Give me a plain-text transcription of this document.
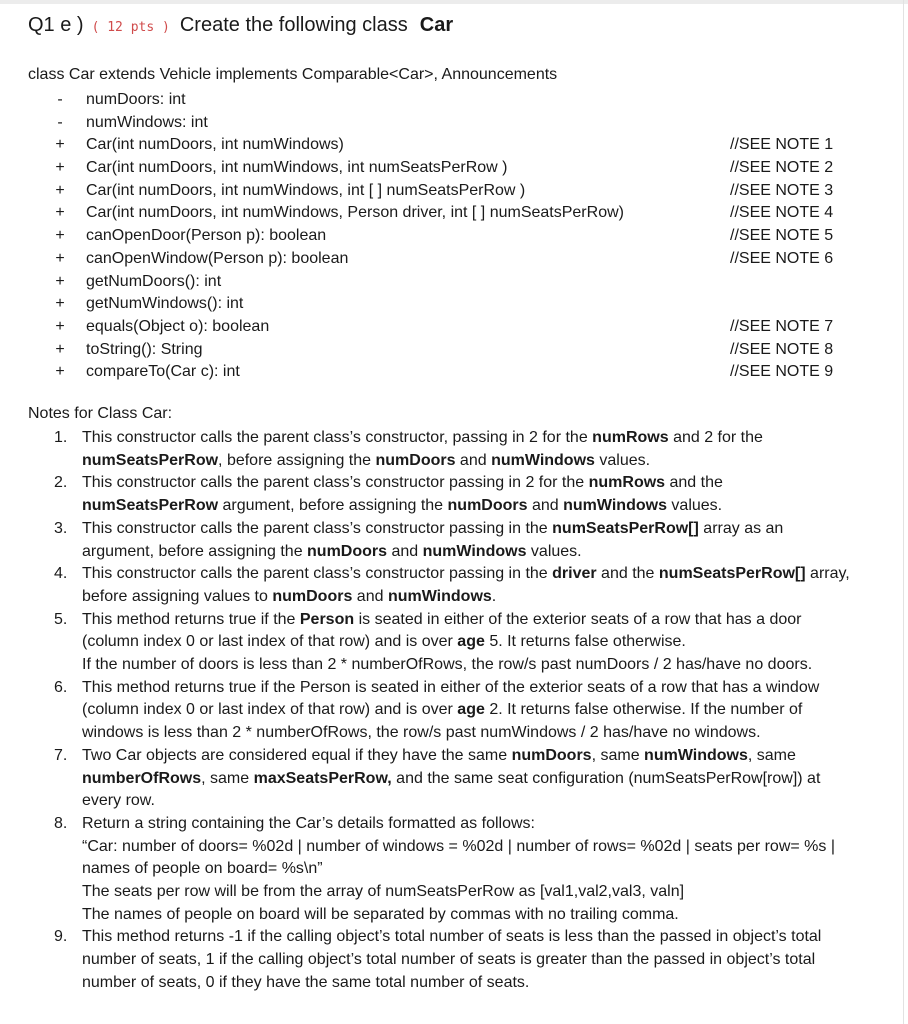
Q1 e ) ( 12 pts ) Create the following class Car
class Car extends Vehicle implements Comparable<Car>, Announcements
- numDoors: int
- numWindows: int
+ Car(int numDoors, int numWindows)	//SEE NOTE 1
+ Car(int numDoors, int numWindows, int numSeatsPerRow )	//SEE NOTE 2
+ Car(int numDoors, int numWindows, int [ ] numSeatsPerRow )	//SEE NOTE 3
+ Car(int numDoors, int numWindows, Person driver, int [ ] numSeatsPerRow)	//SEE NOTE 4
+ canOpenDoor(Person p): boolean	//SEE NOTE 5
+ canOpenWindow(Person p): boolean	//SEE NOTE 6
+ getNumDoors(): int
+ getNumWindows(): int
+ equals(Object o): boolean	//SEE NOTE 7
+ toString(): String	//SEE NOTE 8
+ compareTo(Car c): int	//SEE NOTE 9
Notes for Class Car:
1. This constructor calls the parent class’s constructor, passing in 2 for the numRows and 2 for the numSeatsPerRow, before assigning the numDoors and numWindows values.

2. This constructor calls the parent class’s constructor passing in 2 for the numRows and the numSeatsPerRow argument, before assigning the numDoors and numWindows values.

3. This constructor calls the parent class’s constructor passing in the numSeatsPerRow[] array as an argument, before assigning the numDoors and numWindows values.

4. This constructor calls the parent class’s constructor passing in the driver and the numSeatsPerRow[] array, before assigning values to numDoors and numWindows.

5. This method returns true if the Person is seated in either of the exterior seats of a row that has a door (column index 0 or last index of that row) and is over age 5. It returns false otherwise.

If the number of doors is less than 2 * numberOfRows, the row/s past numDoors / 2 has/have no doors.

6. This method returns true if the Person is seated in either of the exterior seats of a row that has a window (column index 0 or last index of that row) and is over age 2. It returns false otherwise. If the number of windows is less than 2 * numberOfRows, the row/s past numWindows / 2 has/have no windows.

7. Two Car objects are considered equal if they have the same numDoors, same numWindows, same numberOfRows, same maxSeatsPerRow, and the same seat configuration (numSeatsPerRow[row]) at every row.

8. Return a string containing the Car’s details formatted as follows:

“Car: number of doors= %02d | number of windows = %02d | number of rows= %02d | seats per row= %s | names of people on board= %s\n”

The seats per row will be from the array of numSeatsPerRow as [val1,val2,val3, valn]

The names of people on board will be separated by commas with no trailing comma.

9. This method returns -1 if the calling object’s total number of seats is less than the passed in object’s total number of seats, 1 if the calling object’s total number of seats is greater than the passed in object’s total number of seats, 0 if they have the same total number of seats.
